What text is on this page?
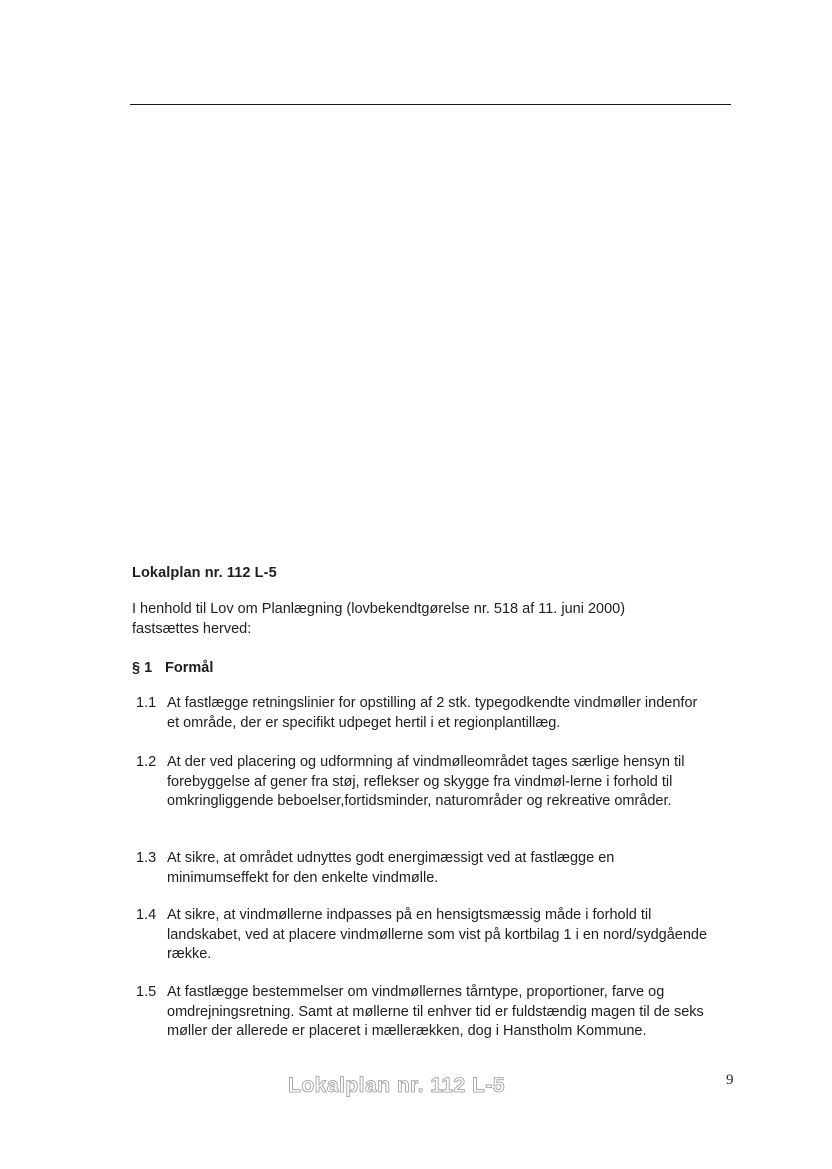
Lokalplan nr. 112 L-5
I henhold til Lov om Planlægning (lovbekendtgørelse nr. 518 af 11. juni 2000) fastsættes herved:
§ 1 Formål
1.1 At fastlægge retningslinier for opstilling af 2 stk. typegodkendte vindmøller indenfor et område, der er specifikt udpeget hertil i et regionplantillæg.
1.2 At der ved placering og udformning af vindmølleområdet tages særlige hensyn til forebyggelse af gener fra støj, reflekser og skygge fra vindmøl-lerne i forhold til omkringliggende beboelser,fortidsminder, naturområder og rekreative områder.
1.3 At sikre, at området udnyttes godt energimæssigt ved at fastlægge en minimumseffekt for den enkelte vindmølle.
1.4 At sikre, at vindmøllerne indpasses på en hensigtsmæssig måde i forhold til landskabet, ved at placere vindmøllerne som vist på kortbilag 1 i en nord/sydgående række.
1.5 At fastlægge bestemmelser om vindmøllernes tårntype, proportioner, farve og omdrejningsretning. Samt at møllerne til enhver tid er fuldstændig magen til de seks møller der allerede er placeret i mællerækken, dog i Hanstholm Kommune.
Lokalplan nr. 112 L-5	9
